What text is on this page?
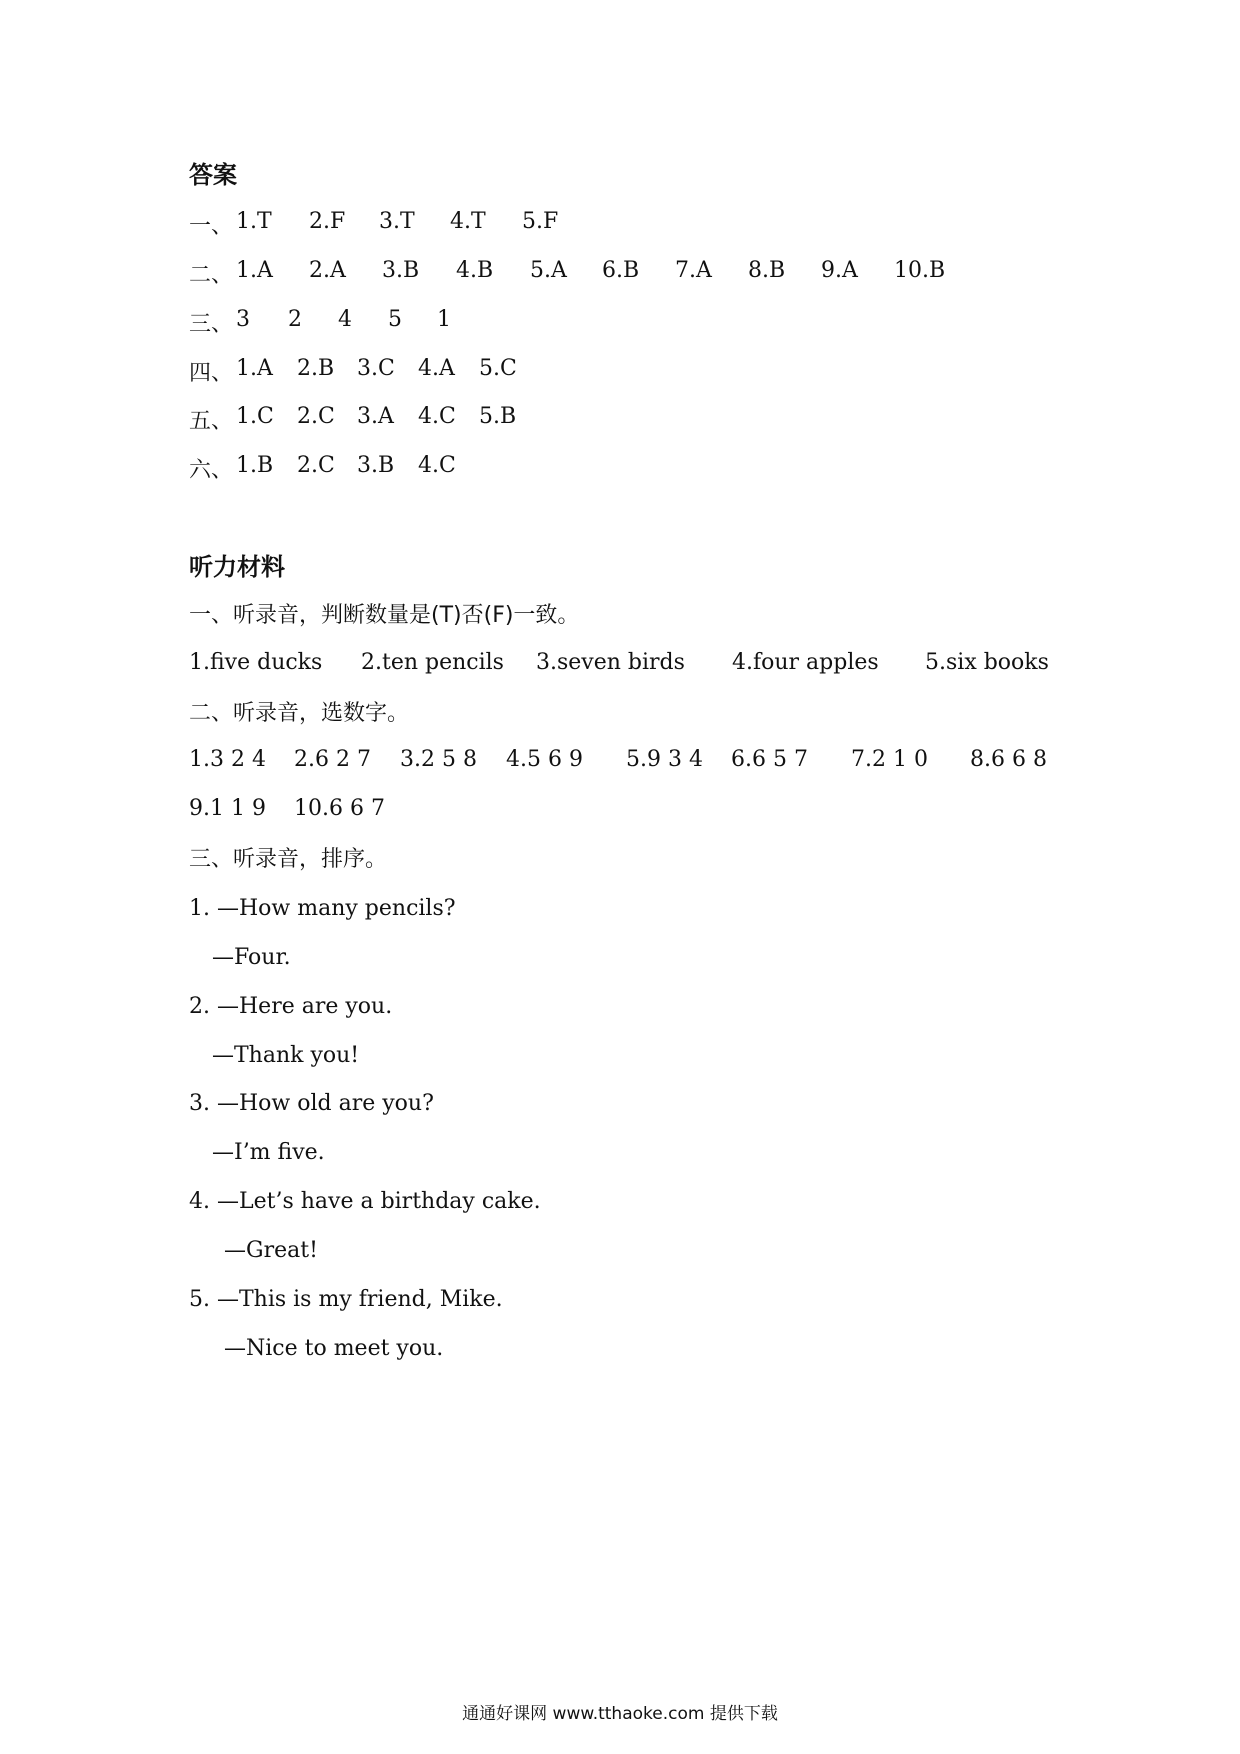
答案
一、 1.T 2.F 3.T 4.T 5.F
二、 1.A 2.A 3.B 4.B 5.A 6.B 7.A 8.B 9.A 10.B
三、 3 2 4 5 1
四、 1.A 2.B 3.C 4.A 5.C
五、 1.C 2.C 3.A 4.C 5.B
六、 1.B 2.C 3.B 4.C
听力材料
一、听录音，判断数量是(T)否(F)一致。
1.five ducks 2.ten pencils 3.seven birds 4.four apples 5.six books
二、听录音，选数字。
1.3 2 4 2.6 2 7 3.2 5 8 4.5 6 9 5.9 3 4 6.6 5 7 7.2 1 0 8.6 6 8
9.1 1 9 10.6 6 7
三、听录音，排序。
1. —How many pencils?
—Four.
2. —Here are you.
—Thank you!
3. —How old are you?
—I’m five.
4. —Let’s have a birthday cake.
—Great!
5. —This is my friend, Mike.
—Nice to meet you.
通通好课网 www.tthaoke.com 提供下载
